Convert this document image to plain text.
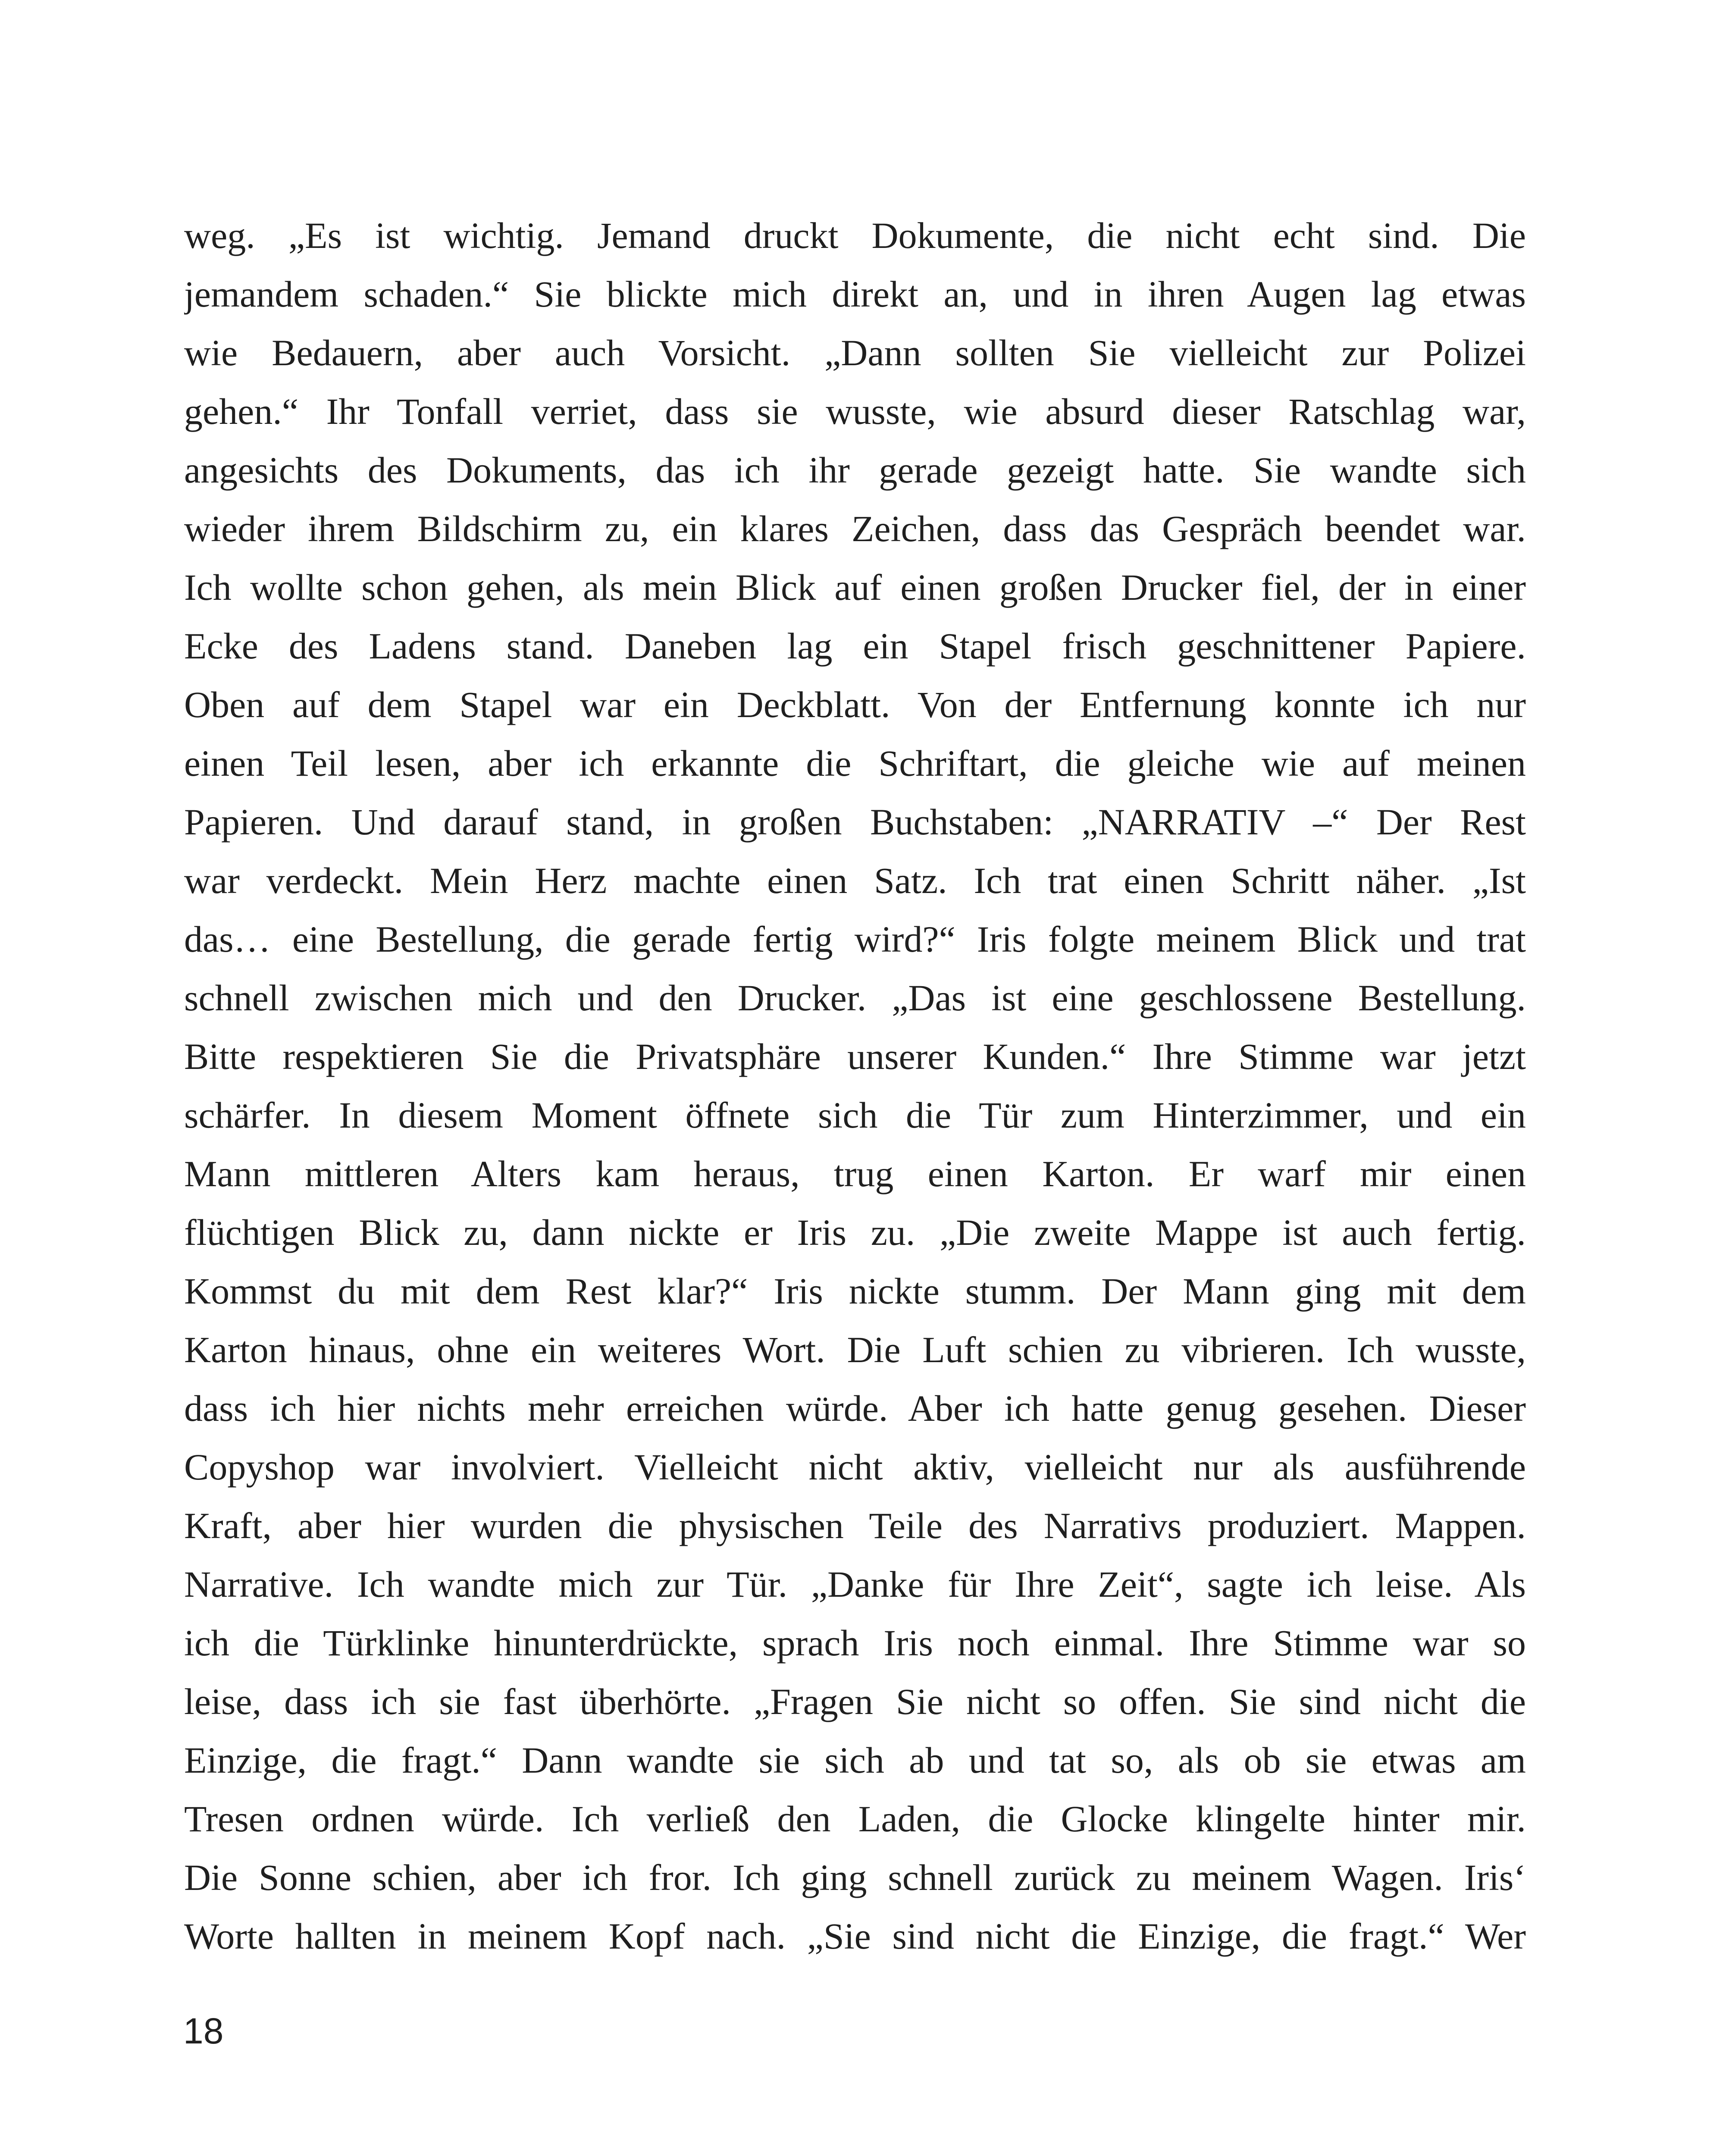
weg. „Es ist wichtig. Jemand druckt Dokumente, die nicht echt sind. Die
jemandem schaden.“ Sie blickte mich direkt an, und in ihren Augen lag etwas
wie Bedauern, aber auch Vorsicht. „Dann sollten Sie vielleicht zur Polizei
gehen.“ Ihr Tonfall verriet, dass sie wusste, wie absurd dieser Ratschlag war,
angesichts des Dokuments, das ich ihr gerade gezeigt hatte. Sie wandte sich
wieder ihrem Bildschirm zu, ein klares Zeichen, dass das Gespräch beendet war.
Ich wollte schon gehen, als mein Blick auf einen großen Drucker fiel, der in einer
Ecke des Ladens stand. Daneben lag ein Stapel frisch geschnittener Papiere.
Oben auf dem Stapel war ein Deckblatt. Von der Entfernung konnte ich nur
einen Teil lesen, aber ich erkannte die Schriftart, die gleiche wie auf meinen
Papieren. Und darauf stand, in großen Buchstaben: „NARRATIV –“ Der Rest
war verdeckt. Mein Herz machte einen Satz. Ich trat einen Schritt näher. „Ist
das… eine Bestellung, die gerade fertig wird?“ Iris folgte meinem Blick und trat
schnell zwischen mich und den Drucker. „Das ist eine geschlossene Bestellung.
Bitte respektieren Sie die Privatsphäre unserer Kunden.“ Ihre Stimme war jetzt
schärfer. In diesem Moment öffnete sich die Tür zum Hinterzimmer, und ein
Mann mittleren Alters kam heraus, trug einen Karton. Er warf mir einen
flüchtigen Blick zu, dann nickte er Iris zu. „Die zweite Mappe ist auch fertig.
Kommst du mit dem Rest klar?“ Iris nickte stumm. Der Mann ging mit dem
Karton hinaus, ohne ein weiteres Wort. Die Luft schien zu vibrieren. Ich wusste,
dass ich hier nichts mehr erreichen würde. Aber ich hatte genug gesehen. Dieser
Copyshop war involviert. Vielleicht nicht aktiv, vielleicht nur als ausführende
Kraft, aber hier wurden die physischen Teile des Narrativs produziert. Mappen.
Narrative. Ich wandte mich zur Tür. „Danke für Ihre Zeit“, sagte ich leise. Als
ich die Türklinke hinunterdrückte, sprach Iris noch einmal. Ihre Stimme war so
leise, dass ich sie fast überhörte. „Fragen Sie nicht so offen. Sie sind nicht die
Einzige, die fragt.“ Dann wandte sie sich ab und tat so, als ob sie etwas am
Tresen ordnen würde. Ich verließ den Laden, die Glocke klingelte hinter mir.
Die Sonne schien, aber ich fror. Ich ging schnell zurück zu meinem Wagen. Iris‘
Worte hallten in meinem Kopf nach. „Sie sind nicht die Einzige, die fragt.“ Wer
18
